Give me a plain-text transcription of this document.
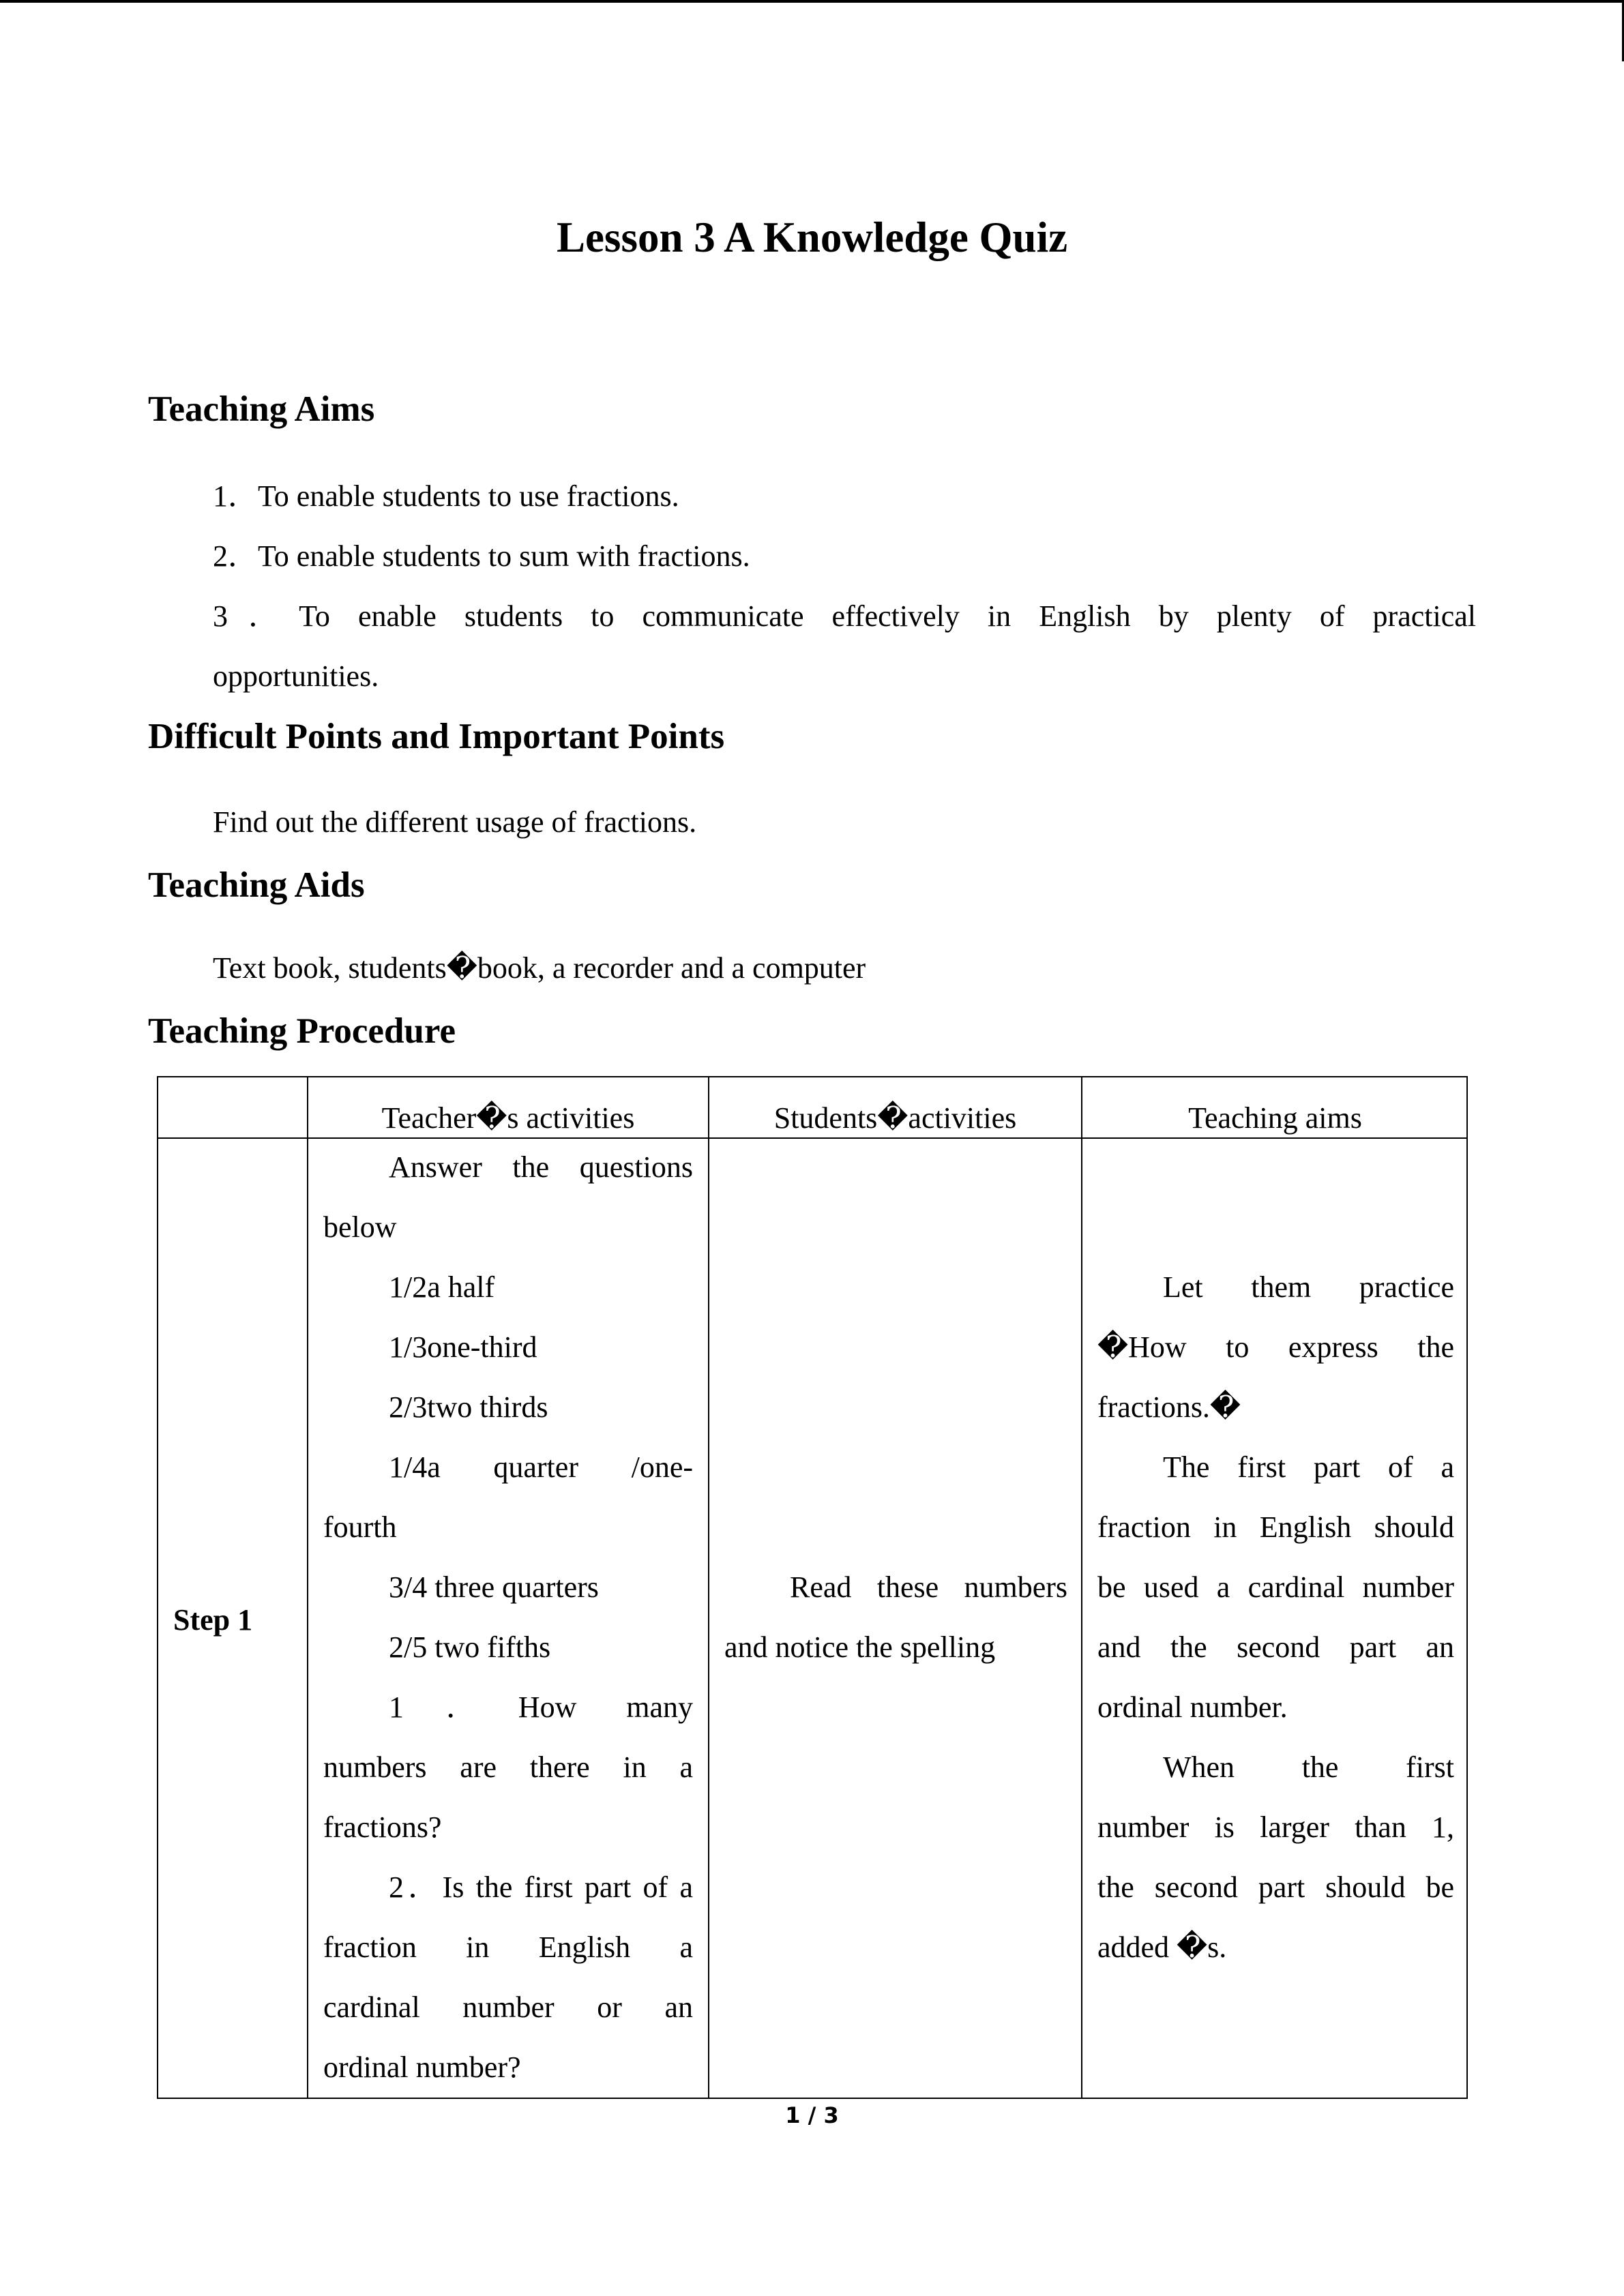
Lesson 3 A Knowledge Quiz
Teaching Aims
1．To enable students to use fractions.
2．To enable students to sum with fractions.
3．To enable students to communicate effectively in English by plenty of practical
opportunities.
Difficult Points and Important Points
Find out the different usage of fractions.
Teaching Aids
Text book, students�book, a recorder and a computer
Teaching Procedure
Teacher�s activities	Students�activities	Teaching aims
Step 1
Answer the questions
below
1/2a half
1/3one-third
2/3two thirds
1/4a quarter /one-
fourth
3/4 three quarters
2/5 two fifths
1．How many
numbers are there in a
fractions?
2．Is the first part of a
fraction in English a
cardinal number or an
ordinal number?
Read these numbers
and notice the spelling
Let them practice
�How to express the
fractions.�
The first part of a
fraction in English should
be used a cardinal number
and the second part an
ordinal number.
When the first
number is larger than 1,
the second part should be
added �s.
1 / 3
